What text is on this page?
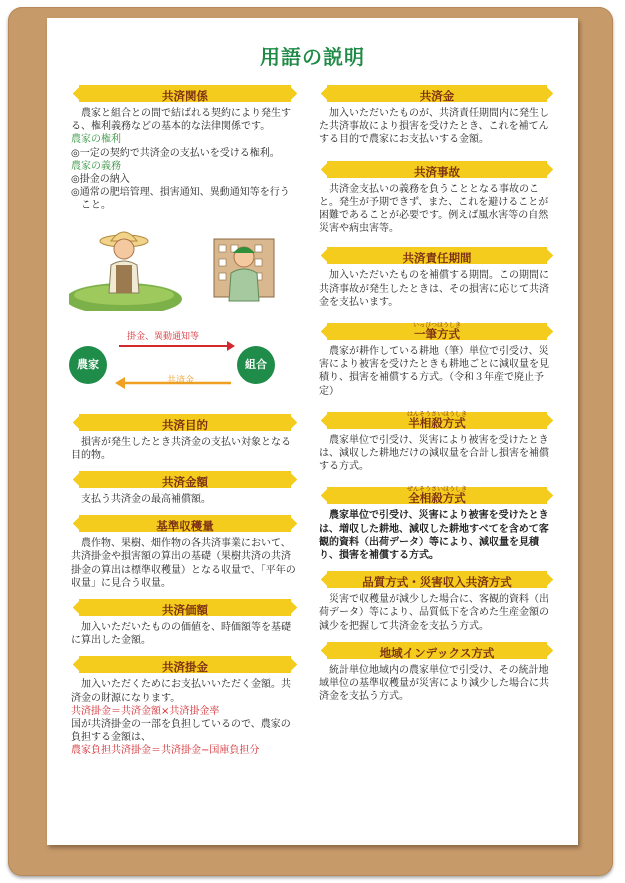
用語の説明
共済関係
農家と組合との間で結ばれる契約により発生する、権利義務などの基本的な法律関係です。
農家の権利
◎一定の契約で共済金の支払いを受ける権利。
農家の義務
◎掛金の納入
◎通常の肥培管理、損害通知、異動通知等を行うこと。
農家	組合
掛金、異動通知等
共済金
共済目的
損害が発生したとき共済金の支払い対象となる目的物。
共済金額
支払う共済金の最高補償額。
基準収穫量
農作物、果樹、畑作物の各共済事業において、共済掛金や損害額の算出の基礎（果樹共済の共済掛金の算出は標準収穫量）となる収量で、「平年の収量」に見合う収量。
共済価額
加入いただいたものの価値を、時価額等を基礎に算出した金額。
共済掛金
加入いただくためにお支払いいただく金額。共済金の財源になります。
共済掛金＝共済金額×共済掛金率
国が共済掛金の一部を負担しているので、農家の負担する金額は、
農家負担共済掛金＝共済掛金−国庫負担分
共済金
加入いただいたものが、共済責任期間内に発生した共済事故により損害を受けたとき、これを補てんする目的で農家にお支払いする金額。
共済事故
共済金支払いの義務を負うこととなる事故のこと。発生が予期できず、また、これを避けることが困難であることが必要です。例えば風水害等の自然災害や病虫害等。
共済責任期間
加入いただいたものを補償する期間。この期間に共済事故が発生したときは、その損害に応じて共済金を支払います。
いっぴつほうしき
一筆方式
農家が耕作している耕地（筆）単位で引受け、災害により被害を受けたときも耕地ごとに減収量を見積り、損害を補償する方式。（令和３年産で廃止予定）
はんそうさいほうしき
半相殺方式
農家単位で引受け、災害により被害を受けたときは、減収した耕地だけの減収量を合計し損害を補償する方式。
ぜんそうさいほうしき
全相殺方式
農家単位で引受け、災害により被害を受けたときは、増収した耕地、減収した耕地すべてを含めて客観的資料（出荷データ）等により、減収量を見積り、損害を補償する方式。
品質方式・災害収入共済方式
災害で収穫量が減少した場合に、客観的資料（出荷データ）等により、品質低下を含めた生産金額の減少を把握して共済金を支払う方式。
地域インデックス方式
統計単位地域内の農家単位で引受け、その統計地域単位の基準収穫量が災害により減少した場合に共済金を支払う方式。
